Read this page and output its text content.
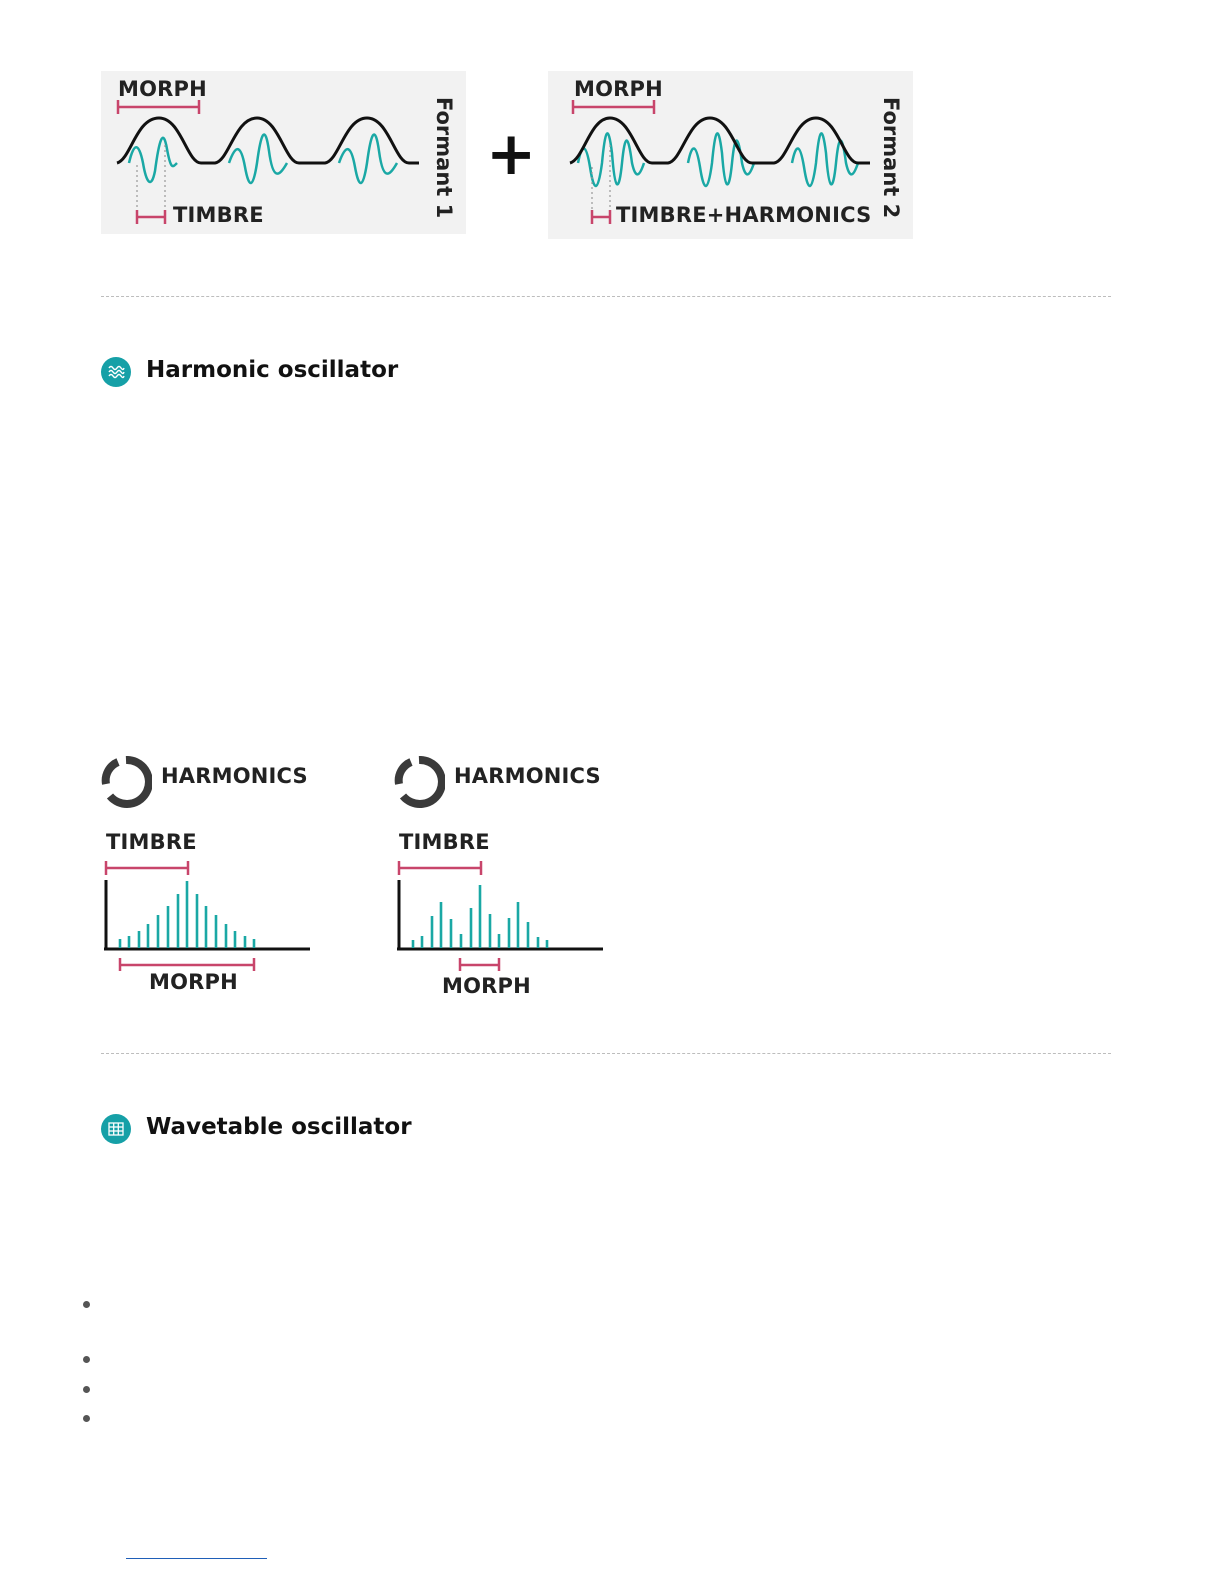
MORPH
TIMBRE	Formant 1 +
MORPH
TIMBRE+HARMONICS Formant 2
Harmonic oscillator
HARMONICS
TIMBRE
MORPH
HARMONICS
TIMBRE
MORPH
Wavetable oscillator
